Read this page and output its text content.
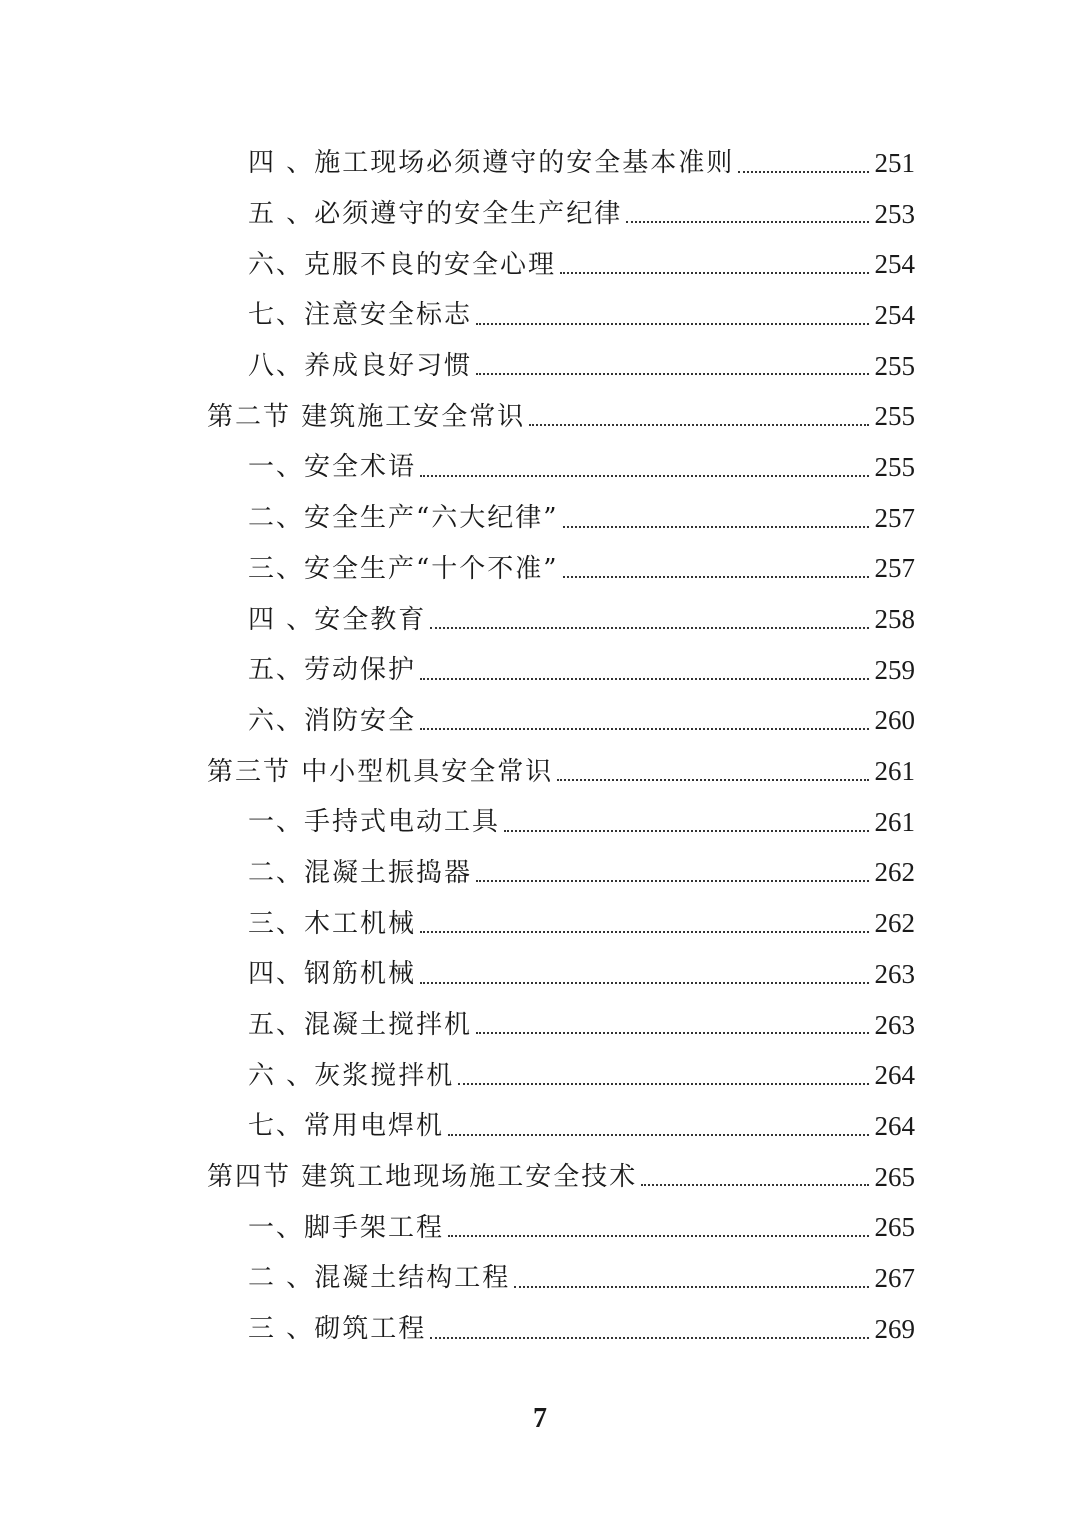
四 、施工现场必须遵守的安全基本准则	251
五 、必须遵守的安全生产纪律	253
六、克服不良的安全心理	254
七、注意安全标志	254
八、养成良好习惯	255
第二节 建筑施工安全常识	255
一、安全术语	255
二、安全生产“六大纪律”	257
三、安全生产“十个不准”	257
四 、安全教育	258
五、劳动保护	259
六、消防安全	260
第三节 中小型机具安全常识	261
一、手持式电动工具	261
二、混凝土振捣器	262
三、木工机械	262
四、钢筋机械	263
五、混凝土搅拌机	263
六 、灰浆搅拌机	264
七、常用电焊机	264
第四节 建筑工地现场施工安全技术	265
一、脚手架工程	265
二 、混凝土结构工程	267
三 、砌筑工程	269
7
